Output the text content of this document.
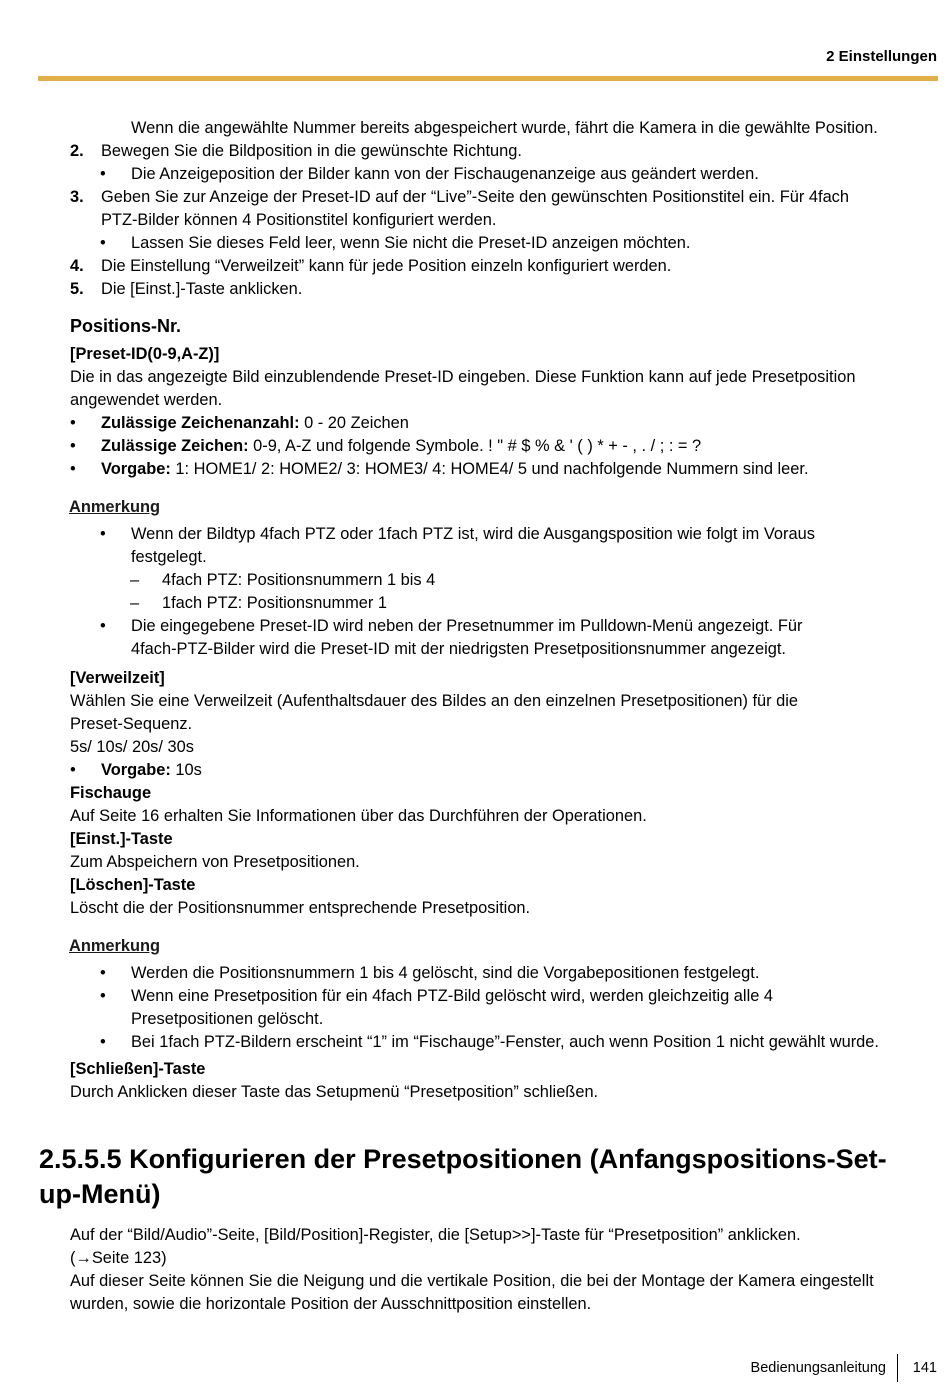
2 Einstellungen
Wenn die angewählte Nummer bereits abgespeichert wurde, fährt die Kamera in die gewählte Position.
2. Bewegen Sie die Bildposition in die gewünschte Richtung.
• Die Anzeigeposition der Bilder kann von der Fischaugenanzeige aus geändert werden.
3. Geben Sie zur Anzeige der Preset-ID auf der “Live”-Seite den gewünschten Positionstitel ein. Für 4fach
PTZ-Bilder können 4 Positionstitel konfiguriert werden.
• Lassen Sie dieses Feld leer, wenn Sie nicht die Preset-ID anzeigen möchten.
4. Die Einstellung “Verweilzeit” kann für jede Position einzeln konfiguriert werden.
5. Die [Einst.]-Taste anklicken.
Positions-Nr.
[Preset-ID(0-9,A-Z)]
Die in das angezeigte Bild einzublendende Preset-ID eingeben. Diese Funktion kann auf jede Presetposition
angewendet werden.
• Zulässige Zeichenanzahl: 0 - 20 Zeichen
• Zulässige Zeichen: 0-9, A-Z und folgende Symbole. ! " # $ % & ' ( ) * + - , . / ; : = ?
• Vorgabe: 1: HOME1/ 2: HOME2/ 3: HOME3/ 4: HOME4/ 5 und nachfolgende Nummern sind leer.
Anmerkung
• Wenn der Bildtyp 4fach PTZ oder 1fach PTZ ist, wird die Ausgangsposition wie folgt im Voraus
festgelegt.
– 4fach PTZ: Positionsnummern 1 bis 4
– 1fach PTZ: Positionsnummer 1
• Die eingegebene Preset-ID wird neben der Presetnummer im Pulldown-Menü angezeigt. Für
4fach-PTZ-Bilder wird die Preset-ID mit der niedrigsten Presetpositionsnummer angezeigt.
[Verweilzeit]
Wählen Sie eine Verweilzeit (Aufenthaltsdauer des Bildes an den einzelnen Presetpositionen) für die
Preset-Sequenz.
5s/ 10s/ 20s/ 30s
• Vorgabe: 10s
Fischauge
Auf Seite 16 erhalten Sie Informationen über das Durchführen der Operationen.
[Einst.]-Taste
Zum Abspeichern von Presetpositionen.
[Löschen]-Taste
Löscht die der Positionsnummer entsprechende Presetposition.
Anmerkung
• Werden die Positionsnummern 1 bis 4 gelöscht, sind die Vorgabepositionen festgelegt.
• Wenn eine Presetposition für ein 4fach PTZ-Bild gelöscht wird, werden gleichzeitig alle 4
Presetpositionen gelöscht.
• Bei 1fach PTZ-Bildern erscheint “1” im “Fischauge”-Fenster, auch wenn Position 1 nicht gewählt wurde.
[Schließen]-Taste
Durch Anklicken dieser Taste das Setupmenü “Presetposition” schließen.
2.5.5.5 Konfigurieren der Presetpositionen (Anfangspositions-Set-
up-Menü)
Auf der “Bild/Audio”-Seite, [Bild/Position]-Register, die [Setup>>]-Taste für “Presetposition” anklicken.
(→Seite 123)
Auf dieser Seite können Sie die Neigung und die vertikale Position, die bei der Montage der Kamera eingestellt
wurden, sowie die horizontale Position der Ausschnittposition einstellen.
Bedienungsanleitung 141
